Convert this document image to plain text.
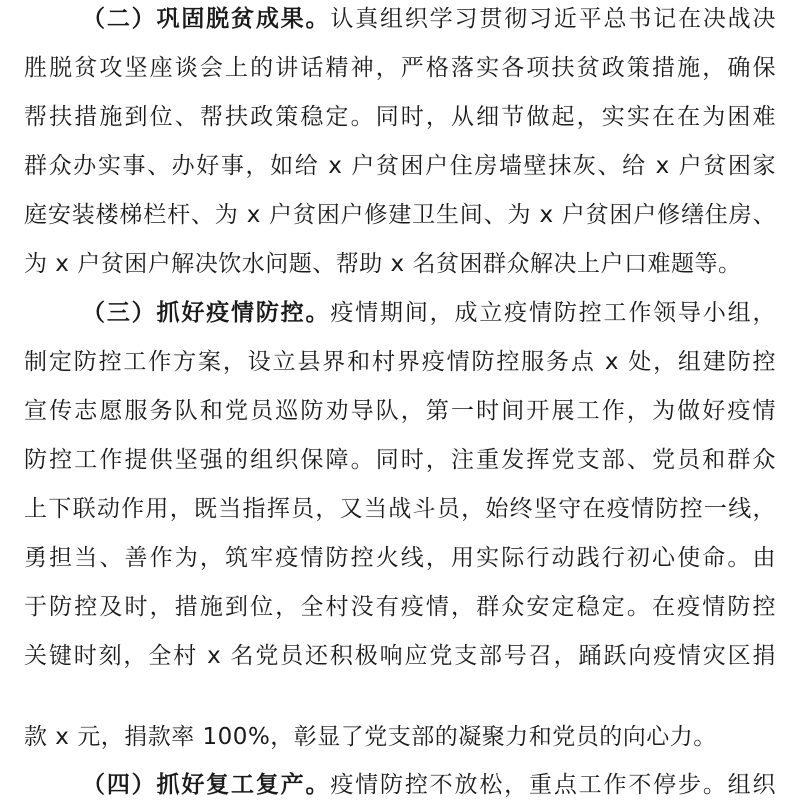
（二）巩固脱贫成果。认真组织学习贯彻习近平总书记在决战决
胜脱贫攻坚座谈会上的讲话精神，严格落实各项扶贫政策措施，确保
帮扶措施到位、帮扶政策稳定。同时，从细节做起，实实在在为困难
群众办实事、办好事，如给 x 户贫困户住房墙壁抹灰、给 x 户贫困家
庭安装楼梯栏杆、为 x 户贫困户修建卫生间、为 x 户贫困户修缮住房、
为 x 户贫困户解决饮水问题、帮助 x 名贫困群众解决上户口难题等。
（三）抓好疫情防控。疫情期间，成立疫情防控工作领导小组，
制定防控工作方案，设立县界和村界疫情防控服务点 x 处，组建防控
宣传志愿服务队和党员巡防劝导队，第一时间开展工作，为做好疫情
防控工作提供坚强的组织保障。同时，注重发挥党支部、党员和群众
上下联动作用，既当指挥员，又当战斗员，始终坚守在疫情防控一线，
勇担当、善作为，筑牢疫情防控火线，用实际行动践行初心使命。由
于防控及时，措施到位，全村没有疫情，群众安定稳定。在疫情防控
关键时刻，全村 x 名党员还积极响应党支部号召，踊跃向疫情灾区捐
款 x 元，捐款率 100%，彰显了党支部的凝聚力和党员的向心力。
（四）抓好复工复产。疫情防控不放松，重点工作不停步。组织
